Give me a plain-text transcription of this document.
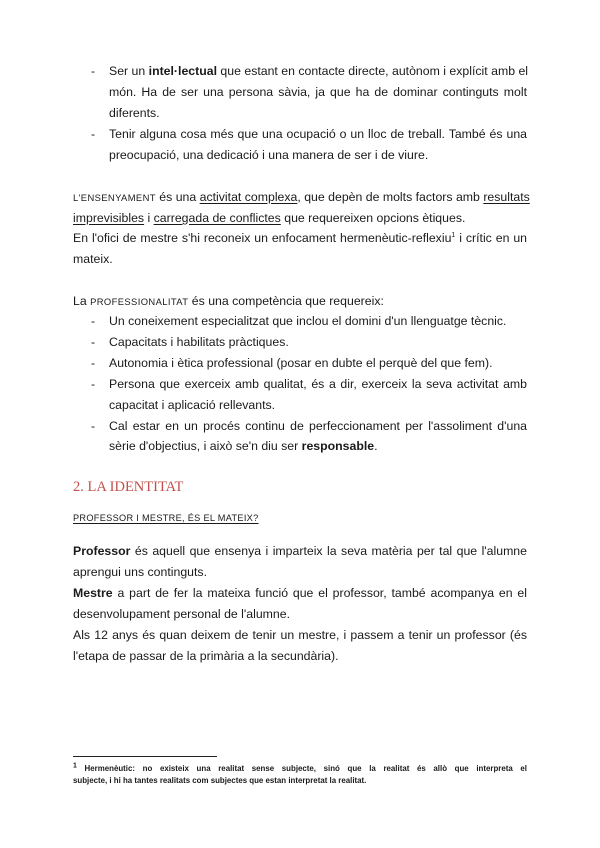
- Ser un intel·lectual que estant en contacte directe, autònom i explícit amb el
món. Ha de ser una persona sàvia, ja que ha de dominar continguts molt
diferents.
- Tenir alguna cosa més que una ocupació o un lloc de treball. També és una
preocupació, una dedicació i una manera de ser i de viure.
L'ENSENYAMENT és una activitat complexa, que depèn de molts factors amb resultats
imprevisibles i carregada de conflictes que requereixen opcions ètiques.
En l'ofici de mestre s'hi reconeix un enfocament hermenèutic-reflexiu$^1$ i crític en un
mateix.
La PROFESSIONALITAT és una competència que requereix:
- Un coneixement especialitzat que inclou el domini d'un llenguatge tècnic.
- Capacitats i habilitats pràctiques.
- Autonomia i ètica professional (posar en dubte el perquè del que fem).
- Persona que exerceix amb qualitat, és a dir, exerceix la seva activitat amb
capacitat i aplicació rellevants.
- Cal estar en un procés continu de perfeccionament per l'assoliment d'una
sèrie d'objectius, i això se'n diu ser responsable.
2. LA IDENTITAT
PROFESSOR I MESTRE, ÉS EL MATEIX?
Professor és aquell que ensenya i imparteix la seva matèria per tal que l'alumne
aprengui uns continguts.
Mestre a part de fer la mateixa funció que el professor, també acompanya en el
desenvolupament personal de l'alumne.
Als 12 anys és quan deixem de tenir un mestre, i passem a tenir un professor (és
l'etapa de passar de la primària a la secundària).
$^1$ Hermenèutic: no existeix una realitat sense subjecte, sinó que la realitat és allò que interpreta el
subjecte, i hi ha tantes realitats com subjectes que estan interpretat la realitat.
